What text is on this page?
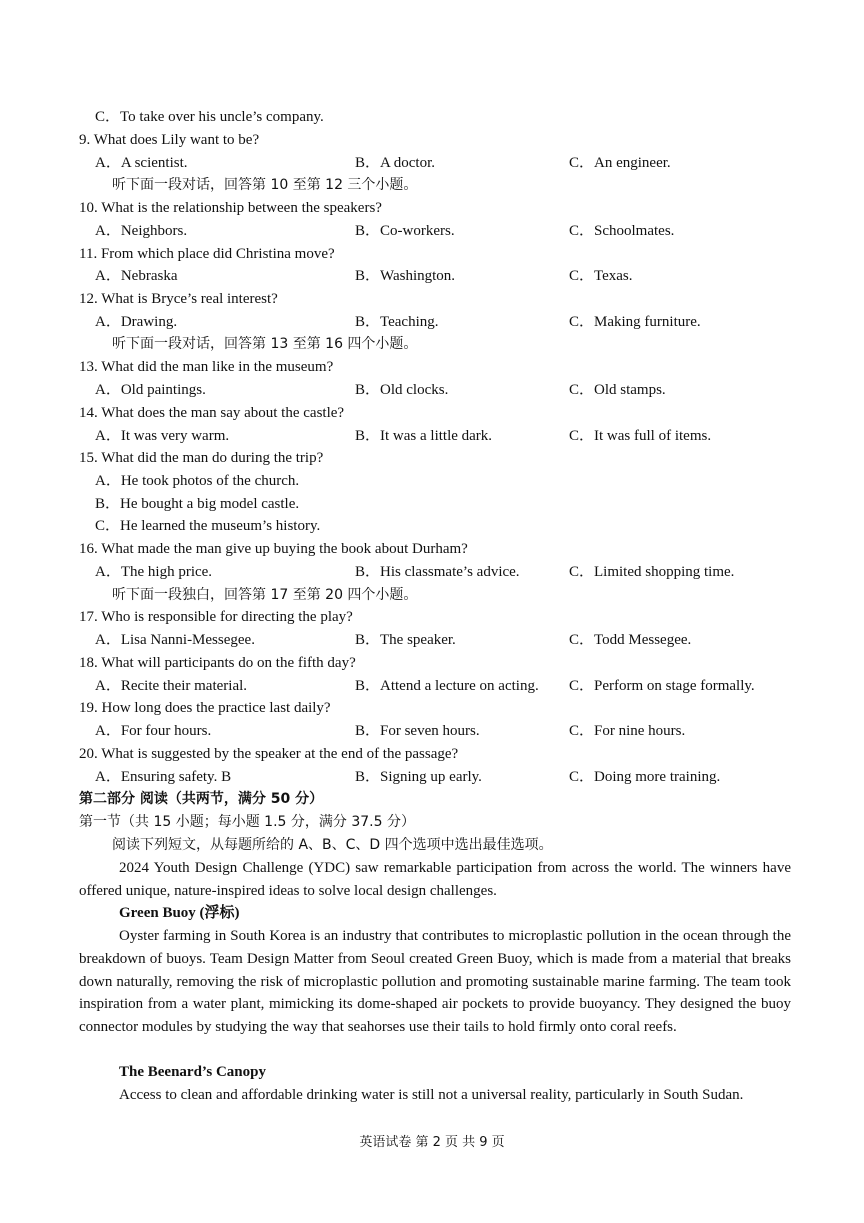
C．To take over his uncle’s company.
9. What does Lily want to be?
A．A scientist.	B．A doctor.	C．An engineer.
听下面一段对话，回答第 10 至第 12 三个小题。
10. What is the relationship between the speakers?
A．Neighbors.	B．Co-workers.	C．Schoolmates.
11. From which place did Christina move?
A．Nebraska	B．Washington.	C．Texas.
12. What is Bryce’s real interest?
A．Drawing.	B．Teaching.	C．Making furniture.
听下面一段对话，回答第 13 至第 16 四个小题。
13. What did the man like in the museum?
A．Old paintings.	B．Old clocks.	C．Old stamps.
14. What does the man say about the castle?
A．It was very warm.	B．It was a little dark.	C．It was full of items.
15. What did the man do during the trip?
A．He took photos of the church.
B．He bought a big model castle.
C．He learned the museum’s history.
16. What made the man give up buying the book about Durham?
A．The high price.	B．His classmate’s advice.	C．Limited shopping time.
听下面一段独白，回答第 17 至第 20 四个小题。
17. Who is responsible for directing the play?
A．Lisa Nanni-Messegee.	B．The speaker.	C．Todd Messegee.
18. What will participants do on the fifth day?
A．Recite their material.	B．Attend a lecture on acting. C．Perform on stage formally.
19. How long does the practice last daily?
A．For four hours.	B．For seven hours.	C．For nine hours.
20. What is suggested by the speaker at the end of the passage?
A．Ensuring safety. B	B．Signing up early.	C．Doing more training.
第二部分 阅读（共两节，满分 50 分）
第一节（共 15 小题；每小题 1.5 分，满分 37.5 分）
阅读下列短文，从每题所给的 A、B、C、D 四个选项中选出最佳选项。
2024 Youth Design Challenge (YDC) saw remarkable participation from across the world. The winners have offered unique, nature-inspired ideas to solve local design challenges.
Green Buoy (浮标)
Oyster farming in South Korea is an industry that contributes to microplastic pollution in the ocean through the breakdown of buoys. Team Design Matter from Seoul created Green Buoy, which is made from a material that breaks down naturally, removing the risk of microplastic pollution and promoting sustainable marine farming. The team took inspiration from a water plant, mimicking its dome-shaped air pockets to provide buoyancy. They designed the buoy connector modules by studying the way that seahorses use their tails to hold firmly onto coral reefs.
The Beenard’s Canopy
Access to clean and affordable drinking water is still not a universal reality, particularly in South Sudan.
英语试卷 第 2 页 共 9 页
